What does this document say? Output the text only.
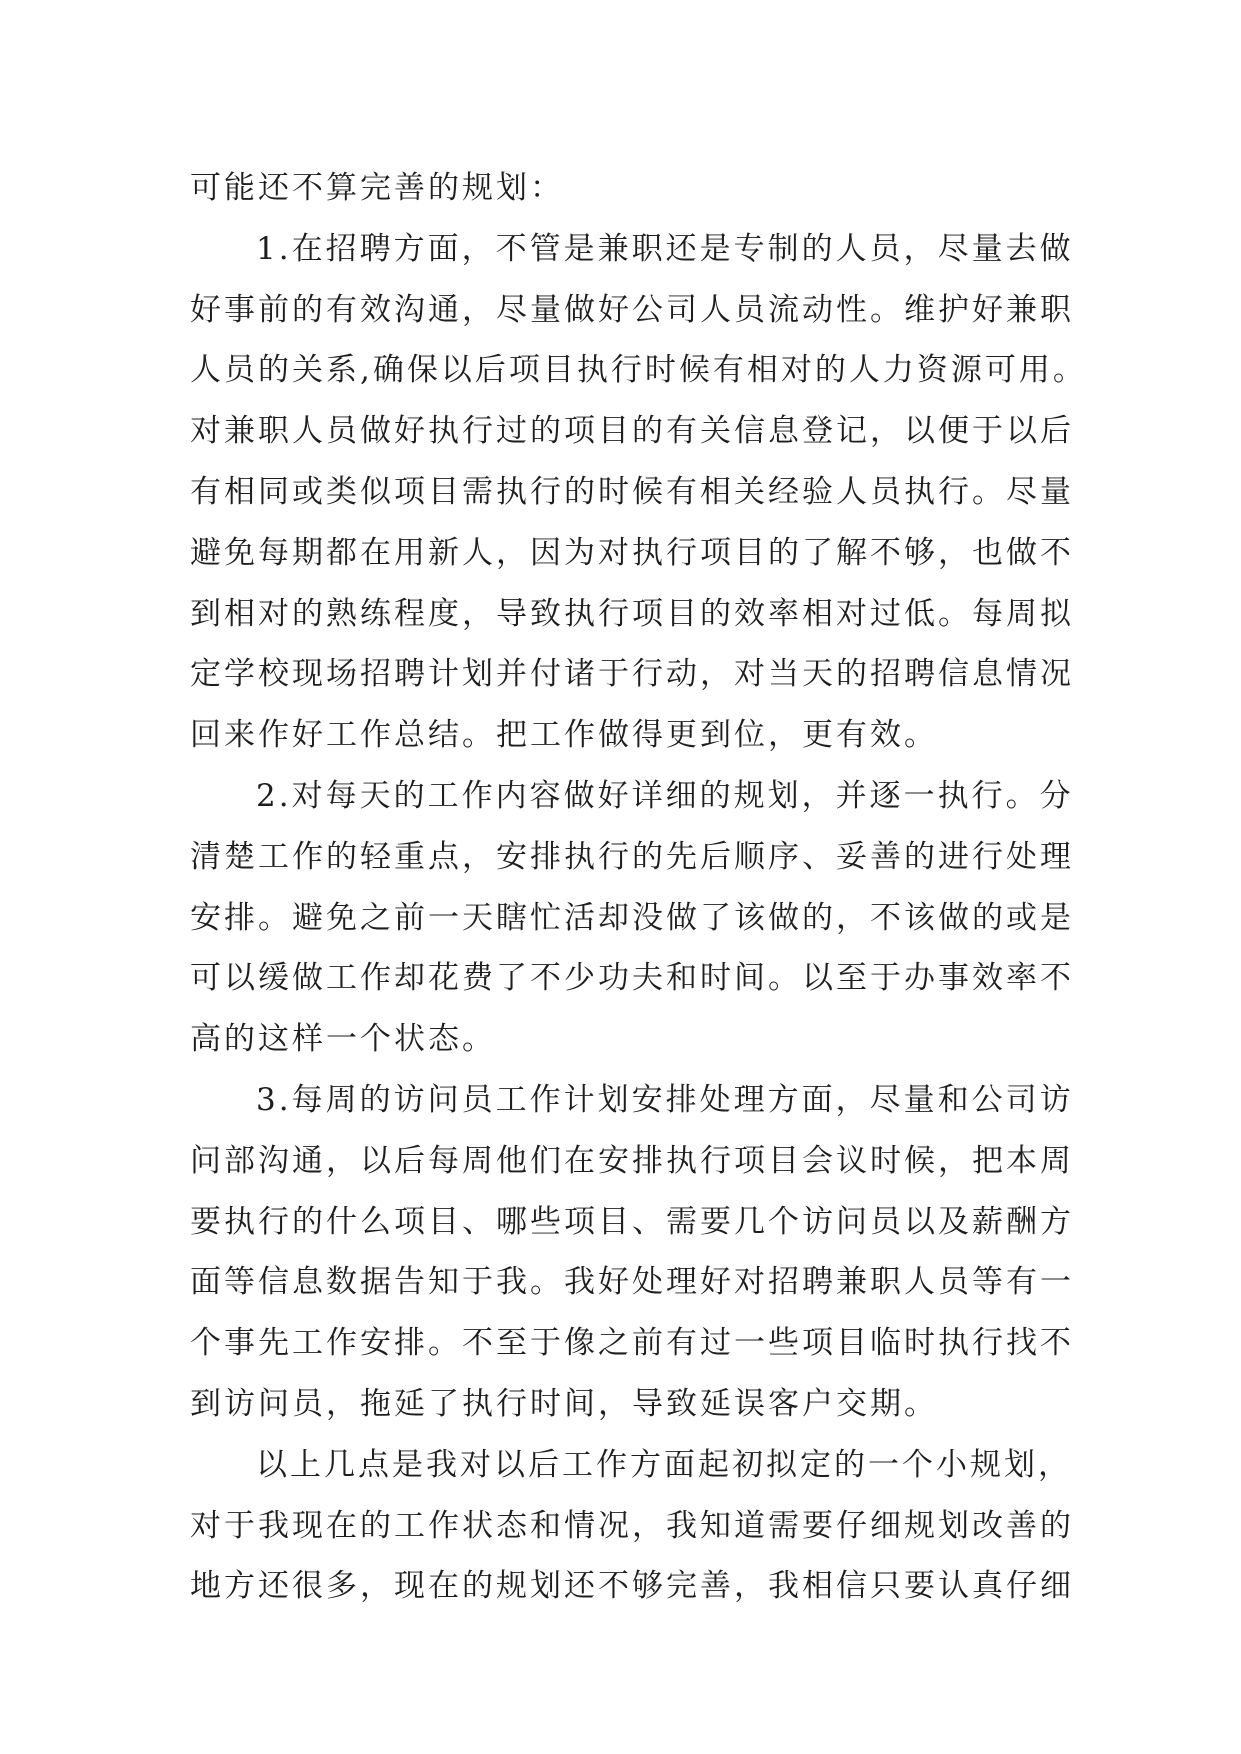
可能还不算完善的规划：
1.在招聘方面，不管是兼职还是专制的人员，尽量去做
好事前的有效沟通，尽量做好公司人员流动性。维护好兼职
人员的关系,确保以后项目执行时候有相对的人力资源可用。
对兼职人员做好执行过的项目的有关信息登记，以便于以后
有相同或类似项目需执行的时候有相关经验人员执行。尽量
避免每期都在用新人，因为对执行项目的了解不够，也做不
到相对的熟练程度，导致执行项目的效率相对过低。每周拟
定学校现场招聘计划并付诸于行动，对当天的招聘信息情况
回来作好工作总结。把工作做得更到位，更有效。
2.对每天的工作内容做好详细的规划，并逐一执行。分
清楚工作的轻重点，安排执行的先后顺序、妥善的进行处理
安排。避免之前一天瞎忙活却没做了该做的，不该做的或是
可以缓做工作却花费了不少功夫和时间。以至于办事效率不
高的这样一个状态。
3.每周的访问员工作计划安排处理方面，尽量和公司访
问部沟通，以后每周他们在安排执行项目会议时候，把本周
要执行的什么项目、哪些项目、需要几个访问员以及薪酬方
面等信息数据告知于我。我好处理好对招聘兼职人员等有一
个事先工作安排。不至于像之前有过一些项目临时执行找不
到访问员，拖延了执行时间，导致延误客户交期。
以上几点是我对以后工作方面起初拟定的一个小规划，
对于我现在的工作状态和情况，我知道需要仔细规划改善的
地方还很多，现在的规划还不够完善，我相信只要认真仔细
